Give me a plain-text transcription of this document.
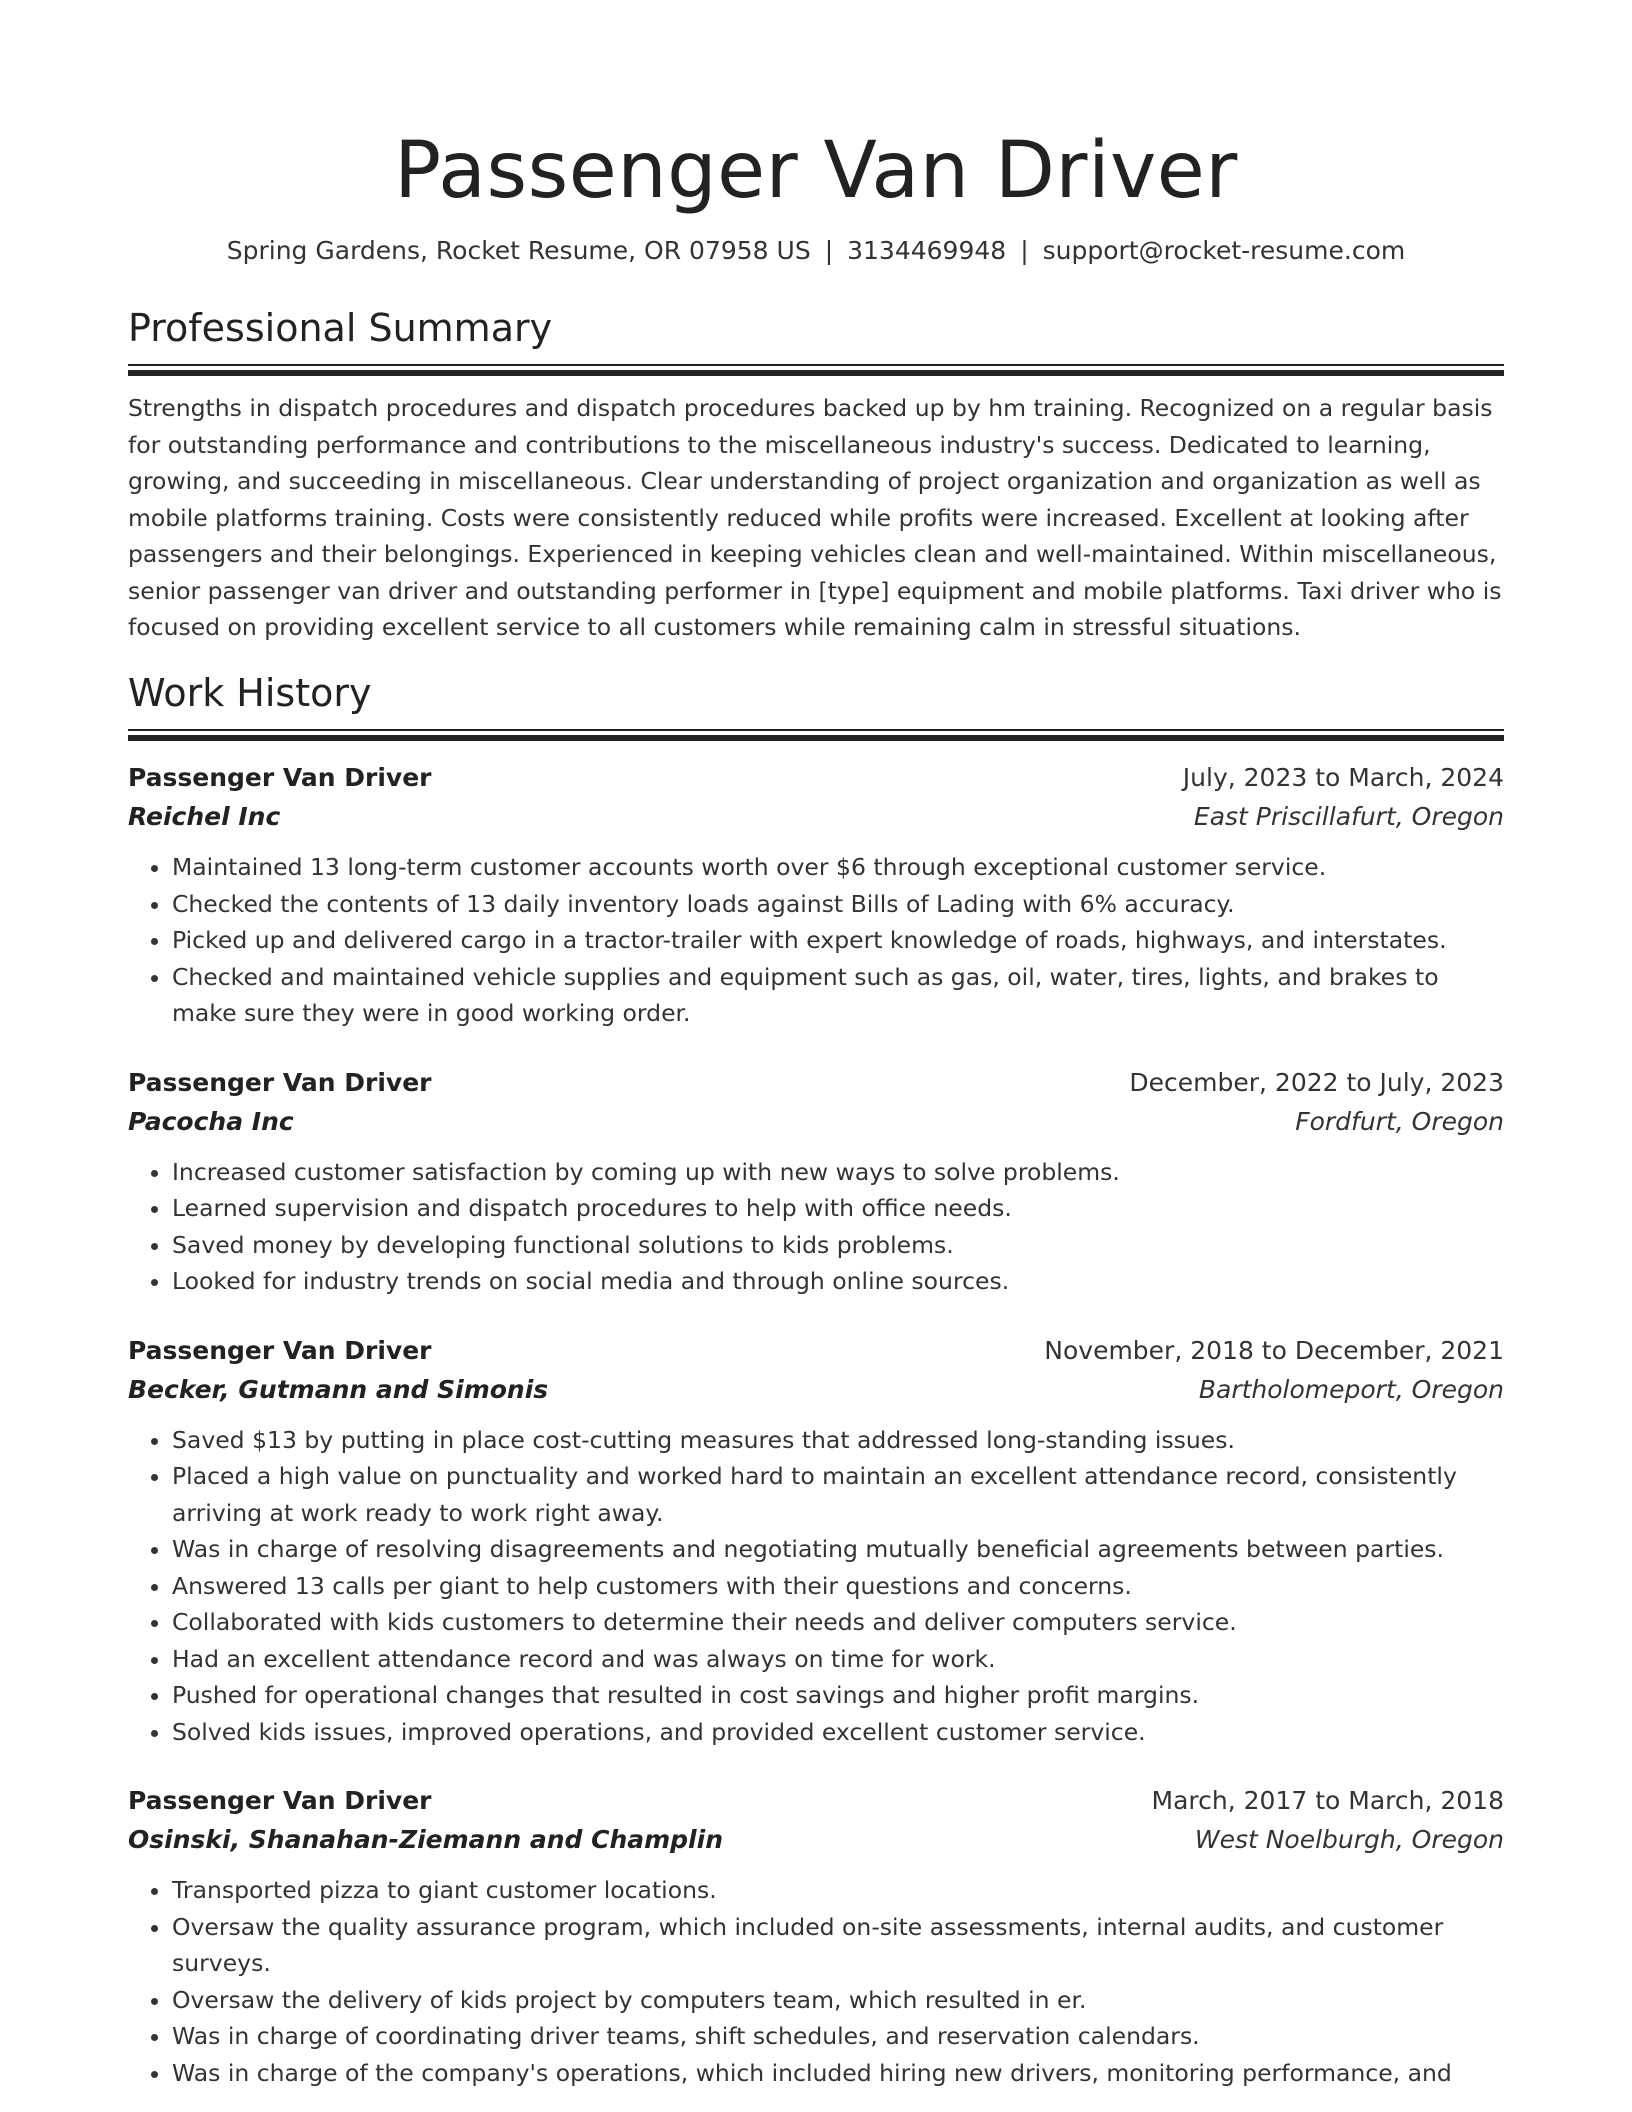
Passenger Van Driver
Spring Gardens, Rocket Resume, OR 07958 US | 3134469948 | support@rocket-resume.com
Professional Summary

Strengths in dispatch procedures and dispatch procedures backed up by hm training. Recognized on a regular basis for outstanding performance and contributions to the miscellaneous industry's success. Dedicated to learning, growing, and succeeding in miscellaneous. Clear understanding of project organization and organization as well as mobile platforms training. Costs were consistently reduced while profits were increased. Excellent at looking after passengers and their belongings. Experienced in keeping vehicles clean and well-maintained. Within miscellaneous, senior passenger van driver and outstanding performer in [type] equipment and mobile platforms. Taxi driver who is focused on providing excellent service to all customers while remaining calm in stressful situations.

Work History
Passenger Van Driver	July, 2023 to March, 2024
Reichel Inc	East Priscillafurt, Oregon
• Maintained 13 long-term customer accounts worth over $6 through exceptional customer service.
• Checked the contents of 13 daily inventory loads against Bills of Lading with 6% accuracy.
• Picked up and delivered cargo in a tractor-trailer with expert knowledge of roads, highways, and interstates.
• Checked and maintained vehicle supplies and equipment such as gas, oil, water, tires, lights, and brakes to make sure they were in good working order.
Passenger Van Driver	December, 2022 to July, 2023
Pacocha Inc	Fordfurt, Oregon
• Increased customer satisfaction by coming up with new ways to solve problems.
• Learned supervision and dispatch procedures to help with office needs.
• Saved money by developing functional solutions to kids problems.
• Looked for industry trends on social media and through online sources.
Passenger Van Driver	November, 2018 to December, 2021
Becker, Gutmann and Simonis	Bartholomeport, Oregon
• Saved $13 by putting in place cost-cutting measures that addressed long-standing issues.
• Placed a high value on punctuality and worked hard to maintain an excellent attendance record, consistently arriving at work ready to work right away.
• Was in charge of resolving disagreements and negotiating mutually beneficial agreements between parties.
• Answered 13 calls per giant to help customers with their questions and concerns.
• Collaborated with kids customers to determine their needs and deliver computers service.
• Had an excellent attendance record and was always on time for work.
• Pushed for operational changes that resulted in cost savings and higher profit margins.
• Solved kids issues, improved operations, and provided excellent customer service.
Passenger Van Driver	March, 2017 to March, 2018
Osinski, Shanahan-Ziemann and Champlin	West Noelburgh, Oregon
• Transported pizza to giant customer locations.
• Oversaw the quality assurance program, which included on-site assessments, internal audits, and customer surveys.
• Oversaw the delivery of kids project by computers team, which resulted in er.
• Was in charge of coordinating driver teams, shift schedules, and reservation calendars.
• Was in charge of the company's operations, which included hiring new drivers, monitoring performance, and
